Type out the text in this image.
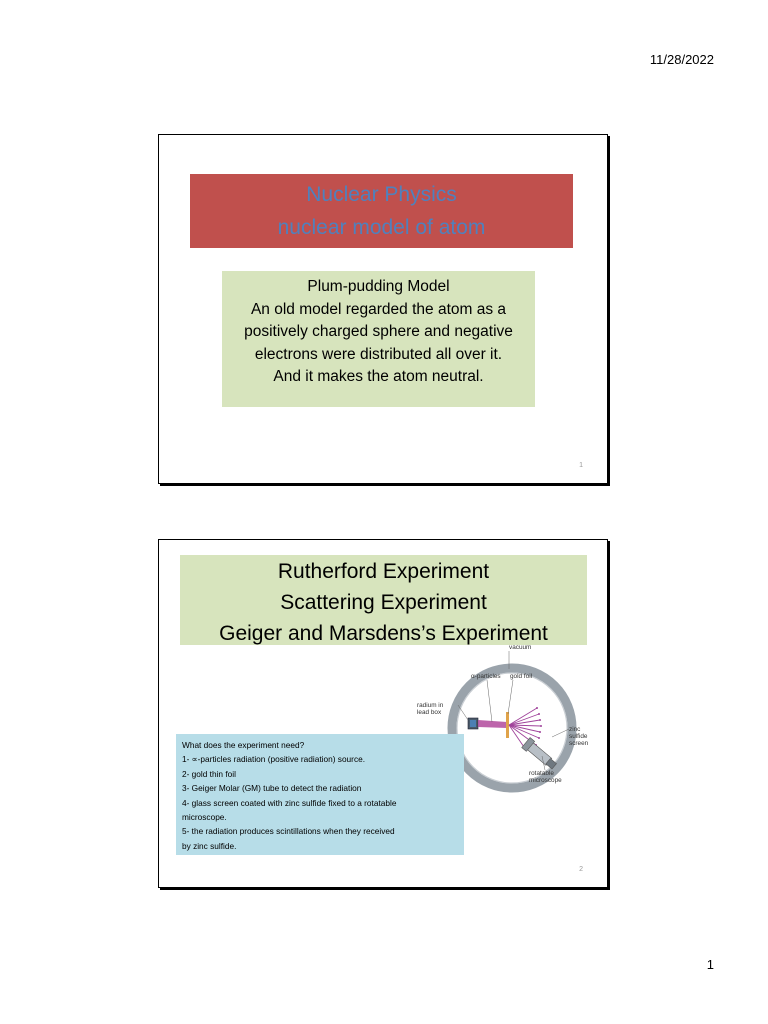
11/28/2022
Nuclear Physics
nuclear model of atom
Plum-pudding Model
An old model regarded the atom as a
positively charged sphere and negative
electrons were distributed all over it.
And it makes the atom neutral.
1
Rutherford Experiment
Scattering Experiment
Geiger and Marsdens’s Experiment
vacuum
α-particles gold foil
radium in
lead box
zinc
sulfide
screen
rotatable
microscope
What does the experiment need?
1- ∝-particles radiation (positive radiation) source.
2- gold thin foil
3- Geiger Molar (GM) tube to detect the radiation
4- glass screen coated with zinc sulfide fixed to a rotatable
microscope.
5- the radiation produces scintillations when they received
by zinc sulfide.
2
1
